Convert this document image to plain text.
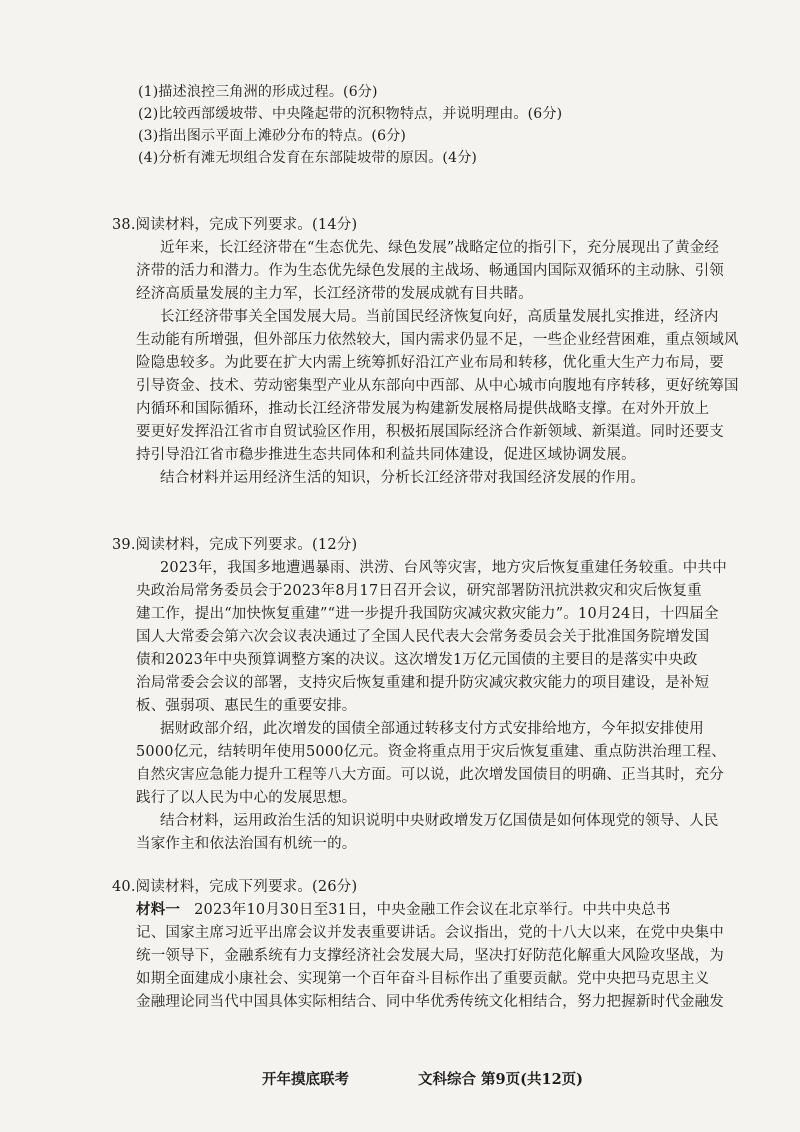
(1)描述浪控三角洲的形成过程。(6分)
(2)比较西部缓坡带、中央隆起带的沉积物特点，并说明理由。(6分)
(3)指出图示平面上滩砂分布的特点。(6分)
(4)分析有滩无坝组合发育在东部陡坡带的原因。(4分)
38.阅读材料，完成下列要求。(14分)
近年来，长江经济带在“生态优先、绿色发展”战略定位的指引下，充分展现出了黄金经
济带的活力和潜力。作为生态优先绿色发展的主战场、畅通国内国际双循环的主动脉、引领
经济高质量发展的主力军，长江经济带的发展成就有目共睹。
长江经济带事关全国发展大局。当前国民经济恢复向好，高质量发展扎实推进，经济内
生动能有所增强，但外部压力依然较大，国内需求仍显不足，一些企业经营困难，重点领域风
险隐患较多。为此要在扩大内需上统筹抓好沿江产业布局和转移，优化重大生产力布局，要
引导资金、技术、劳动密集型产业从东部向中西部、从中心城市向腹地有序转移，更好统筹国
内循环和国际循环，推动长江经济带发展为构建新发展格局提供战略支撑。在对外开放上
要更好发挥沿江省市自贸试验区作用，积极拓展国际经济合作新领域、新渠道。同时还要支
持引导沿江省市稳步推进生态共同体和利益共同体建设，促进区域协调发展。
结合材料并运用经济生活的知识，分析长江经济带对我国经济发展的作用。
39.阅读材料，完成下列要求。(12分)
2023年，我国多地遭遇暴雨、洪涝、台风等灾害，地方灾后恢复重建任务较重。中共中
央政治局常务委员会于2023年8月17日召开会议，研究部署防汛抗洪救灾和灾后恢复重
建工作，提出“加快恢复重建”“进一步提升我国防灾减灾救灾能力”。10月24日，十四届全
国人大常委会第六次会议表决通过了全国人民代表大会常务委员会关于批准国务院增发国
债和2023年中央预算调整方案的决议。这次增发1万亿元国债的主要目的是落实中央政
治局常委会会议的部署，支持灾后恢复重建和提升防灾减灾救灾能力的项目建设，是补短
板、强弱项、惠民生的重要安排。
据财政部介绍，此次增发的国债全部通过转移支付方式安排给地方，今年拟安排使用
5000亿元，结转明年使用5000亿元。资金将重点用于灾后恢复重建、重点防洪治理工程、
自然灾害应急能力提升工程等八大方面。可以说，此次增发国债目的明确、正当其时，充分
践行了以人民为中心的发展思想。
结合材料，运用政治生活的知识说明中央财政增发万亿国债是如何体现党的领导、人民
当家作主和依法治国有机统一的。
40.阅读材料，完成下列要求。(26分)
材料一 2023年10月30日至31日，中央金融工作会议在北京举行。中共中央总书
记、国家主席习近平出席会议并发表重要讲话。会议指出，党的十八大以来，在党中央集中
统一领导下，金融系统有力支撑经济社会发展大局，坚决打好防范化解重大风险攻坚战，为
如期全面建成小康社会、实现第一个百年奋斗目标作出了重要贡献。党中央把马克思主义
金融理论同当代中国具体实际相结合、同中华优秀传统文化相结合，努力把握新时代金融发
开年摸底联考	文科综合 第9页(共12页)
